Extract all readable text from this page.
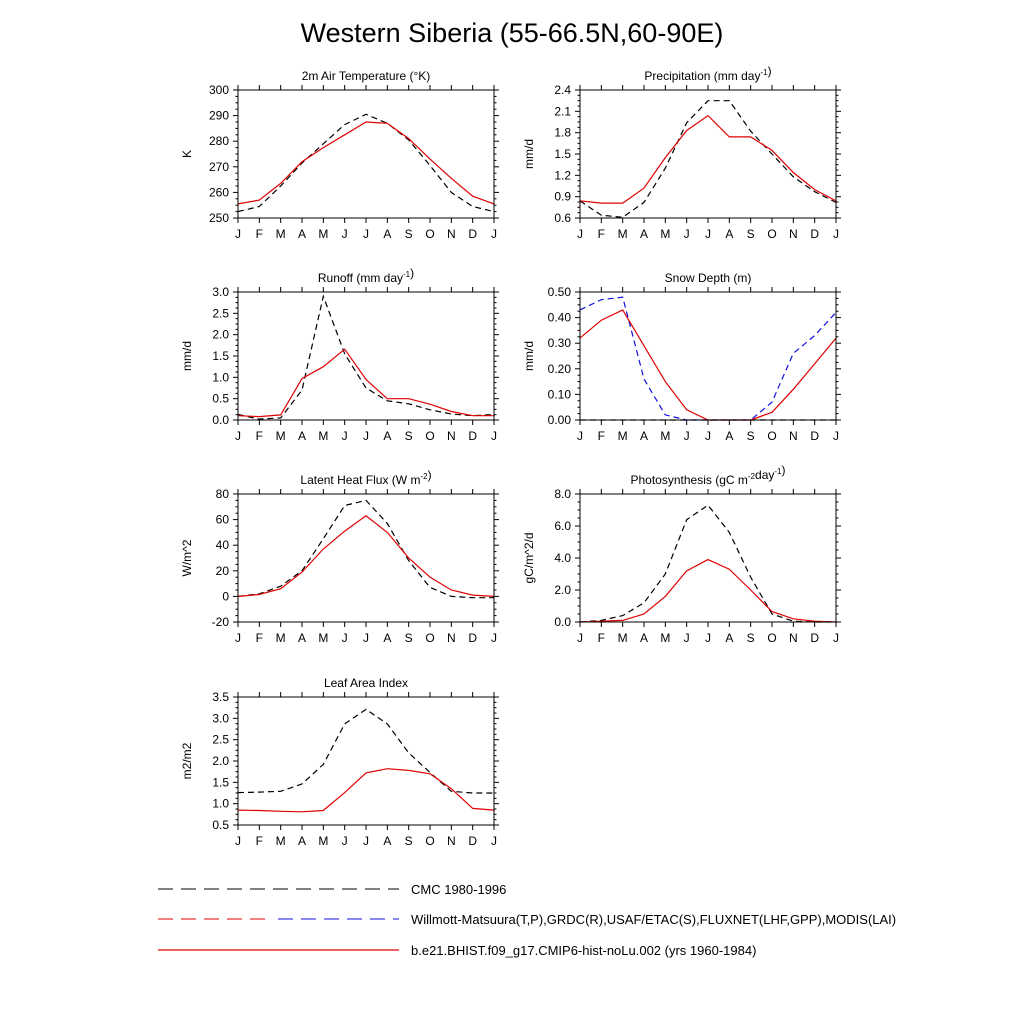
Western Siberia (55-66.5N,60-90E)
2m Air Temperature (°K)
K
250
260
270
280
290
300
J F M A M J J A S O N D J
Precipitation (mm day$^{-1}$)
mm/d
0.6
0.9
1.2
1.5
1.8
2.1
2.4
J F M A M J J A S O N D J
Runoff (mm day$^{-1}$)
mm/d
0.0
0.5
1.0
1.5
2.0
2.5
3.0
J F M A M J J A S O N D J
Snow Depth (m)
mm/d
0.00
0.10
0.20
0.30
0.40
0.50
J F M A M J J A S O N D J
Latent Heat Flux (W $m^{-2}$)
W/m^2
-20
0
20
40
60
80
J F M A M J J A S O N D J
Photosynthesis (gC $m^{-2}day^{-1}$)
gC/m^2/d
0.0
2.0
4.0
6.0
8.0
J F M A M J J A S O N D J
Leaf Area Index
m2/m2
0.5
1.0
1.5
2.0
2.5
3.0
3.5
J F M A M J J A S O N D J
CMC 1980-1996
Willmott-Matsuura(T,P),GRDC(R),USAF/ETAC(S),FLUXNET(LHF,GPP),MODIS(LAI)
b.e21.BHIST.f09_g17.CMIP6-hist-noLu.002 (yrs 1960-1984)
